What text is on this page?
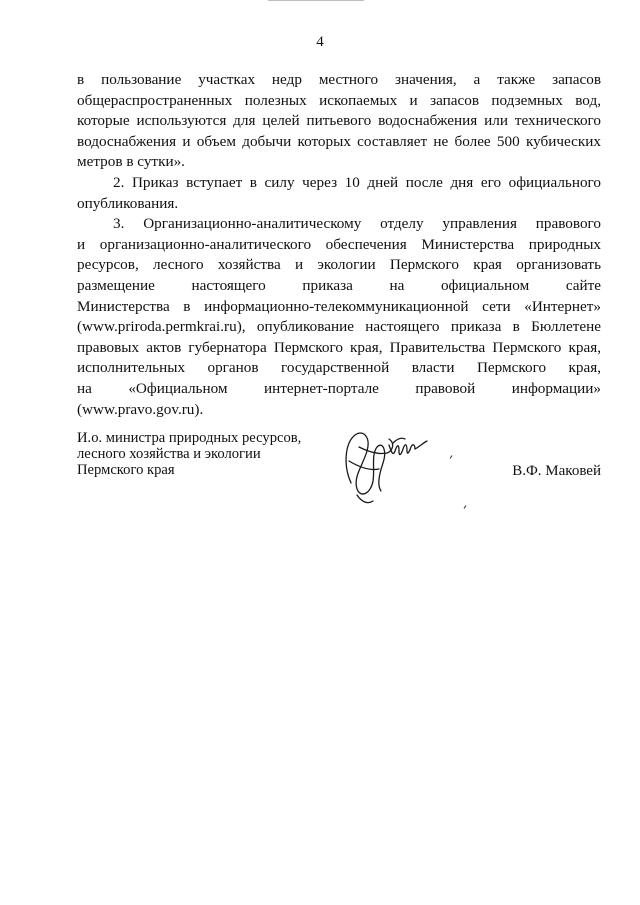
4

в пользование участках недр местного значения, а также запасов
общераспространенных полезных ископаемых и запасов подземных вод,
которые используются для целей питьевого водоснабжения или технического
водоснабжения и объем добычи которых составляет не более 500 кубических
метров в сутки».

2. Приказ вступает в силу через 10 дней после дня его официального
опубликования.

3. Организационно-аналитическому отделу управления правового
и организационно-аналитического обеспечения Министерства природных
ресурсов, лесного хозяйства и экологии Пермского края организовать
размещение настоящего приказа на официальном сайте
Министерства в информационно-телекоммуникационной сети «Интернет»
(www.priroda.permkrai.ru), опубликование настоящего приказа в Бюллетене
правовых актов губернатора Пермского края, Правительства Пермского края,
исполнительных органов государственной власти Пермского края,
на «Официальном интернет-портале правовой информации»
(www.pravo.gov.ru).

И.о. министра природных ресурсов,
лесного хозяйства и экологии
Пермского края	В.Ф. Маковей
